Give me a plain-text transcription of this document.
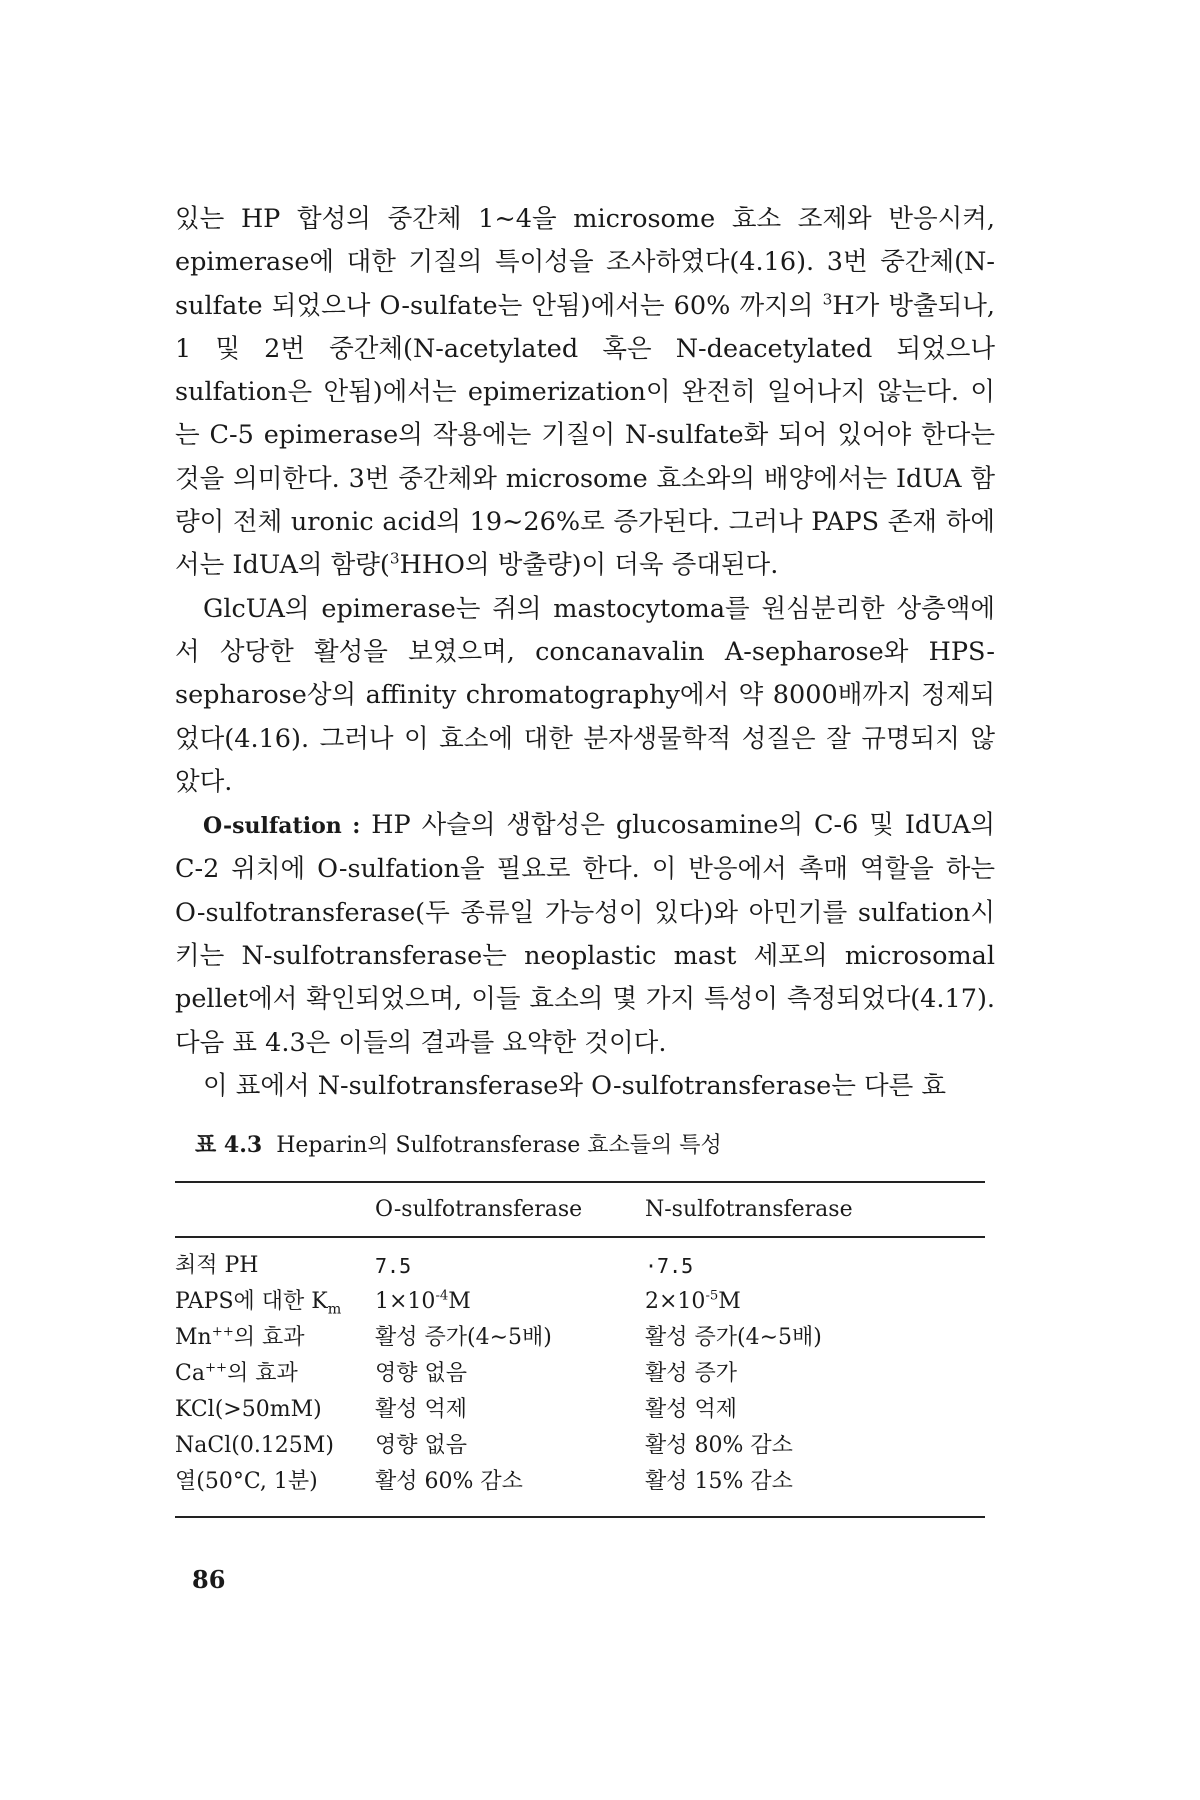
있는 HP 합성의 중간체 1∼4을 microsome 효소 조제와 반응시켜, epimerase에 대한 기질의 특이성을 조사하였다(4.16). 3번 중간체(N-sulfate 되었으나 O-sulfate는 안됨)에서는 60% 까지의 $^3$H가 방출되나, 1 및 2번 중간체(N-acetylated 혹은 N-deacetylated 되었으나 sulfation은 안됨)에서는 epimerization이 완전히 일어나지 않는다. 이는 C-5 epimerase의 작용에는 기질이 N-sulfate화 되어 있어야 한다는 것을 의미한다. 3번 중간체와 microsome 효소와의 배양에서는 IdUA 함량이 전체 uronic acid의 19∼26%로 증가된다. 그러나 PAPS 존재 하에서는 IdUA의 함량($^3$HHO의 방출량)이 더욱 증대된다.

GlcUA의 epimerase는 쥐의 mastocytoma를 원심분리한 상층액에서 상당한 활성을 보였으며, concanavalin A-sepharose와 HPS-sepharose상의 affinity chromatography에서 약 8000배까지 정제되었다(4.16). 그러나 이 효소에 대한 분자생물학적 성질은 잘 규명되지 않았다.

O-sulfation : HP 사슬의 생합성은 glucosamine의 C-6 및 IdUA의 C-2 위치에 O-sulfation을 필요로 한다. 이 반응에서 촉매 역할을 하는 O-sulfotransferase(두 종류일 가능성이 있다)와 아민기를 sulfation시키는 N-sulfotransferase는 neoplastic mast 세포의 microsomal pellet에서 확인되었으며, 이들 효소의 몇 가지 특성이 측정되었다(4.17). 다음 표 4.3은 이들의 결과를 요약한 것이다.

이 표에서 N-sulfotransferase와 O-sulfotransferase는 다른 효

표 4.3 Heparin의 Sulfotransferase 효소들의 특성
	O-sulfotransferase	N-sulfotransferase
최적 PH	7.5	·7.5
PAPS에 대한 $K_m$	$1\times 10^{-4}M$	$2\times 10^{-5}M$
Mn++의 효과	활성 증가(4∼5배)	활성 증가(4∼5배)
Ca++의 효과	영향 없음	활성 증가
KCl(>50mM)	활성 억제	활성 억제
NaCl(0.125M)	영향 없음	활성 80% 감소
열(50°C, 1분)	활성 60% 감소	활성 15% 감소
86
